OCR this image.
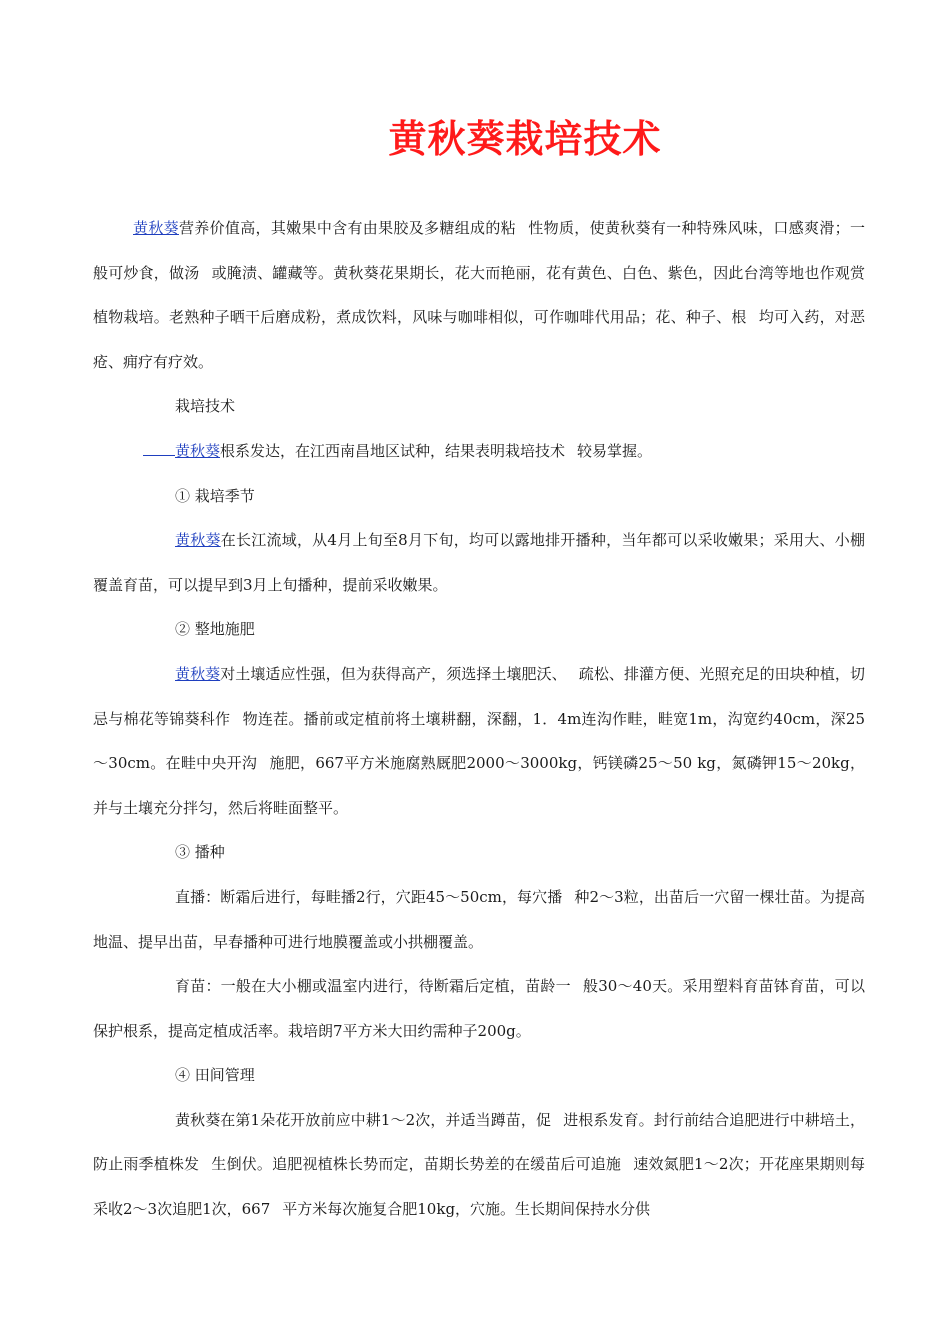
黄秋葵栽培技术

黄秋葵营养价值高，其嫩果中含有由果胶及多糖组成的粘 性物质，使黄秋葵有一种特殊风味，口感爽滑；一般可炒食，做汤 或腌渍、罐藏等。黄秋葵花果期长，花大而艳丽，花有黄色、白色、紫色，因此台湾等地也作观赏植物栽培。老熟种子晒干后磨成粉，煮成饮料，风味与咖啡相似，可作咖啡代用品；花、种子、根 均可入药，对恶疮、痈疗有疗效。

栽培技术

黄秋葵根系发达，在江西南昌地区试种，结果表明栽培技术 较易掌握。

① 栽培季节

黄秋葵在长江流域，从4月上旬至8月下旬，均可以露地排开播种，当年都可以采收嫩果；采用大、小棚覆盖育苗，可以提早到3月上旬播种，提前采收嫩果。

② 整地施肥

黄秋葵对土壤适应性强，但为获得高产，须选择土壤肥沃、 疏松、排灌方便、光照充足的田块种植，切忌与棉花等锦葵科作 物连茬。播前或定植前将土壤耕翻，深翻，1．4m连沟作畦，畦宽1m，沟宽约40cm，深25～30cm。在畦中央开沟 施肥，667平方米施腐熟厩肥2000～3000kg，钙镁磷25～50 kg，氮磷钾15～20kg，并与土壤充分拌匀，然后将畦面整平。

③ 播种

直播：断霜后进行，每畦播2行，穴距45～50cm，每穴播 种2～3粒，出苗后一穴留一棵壮苗。为提高地温、提早出苗，早春播种可进行地膜覆盖或小拱棚覆盖。

育苗：一般在大小棚或温室内进行，待断霜后定植，苗龄一 般30～40天。采用塑料育苗钵育苗，可以保护根系，提高定植成活率。栽培朗7平方米大田约需种子200g。

④ 田间管理

黄秋葵在第1朵花开放前应中耕1～2次，并适当蹲苗，促 进根系发育。封行前结合追肥进行中耕培土，防止雨季植株发 生倒伏。追肥视植株长势而定，苗期长势差的在缓苗后可追施 速效氮肥1～2次；开花座果期则每采收2～3次追肥1次，667 平方米每次施复合肥10kg，穴施。生长期间保持水分供
